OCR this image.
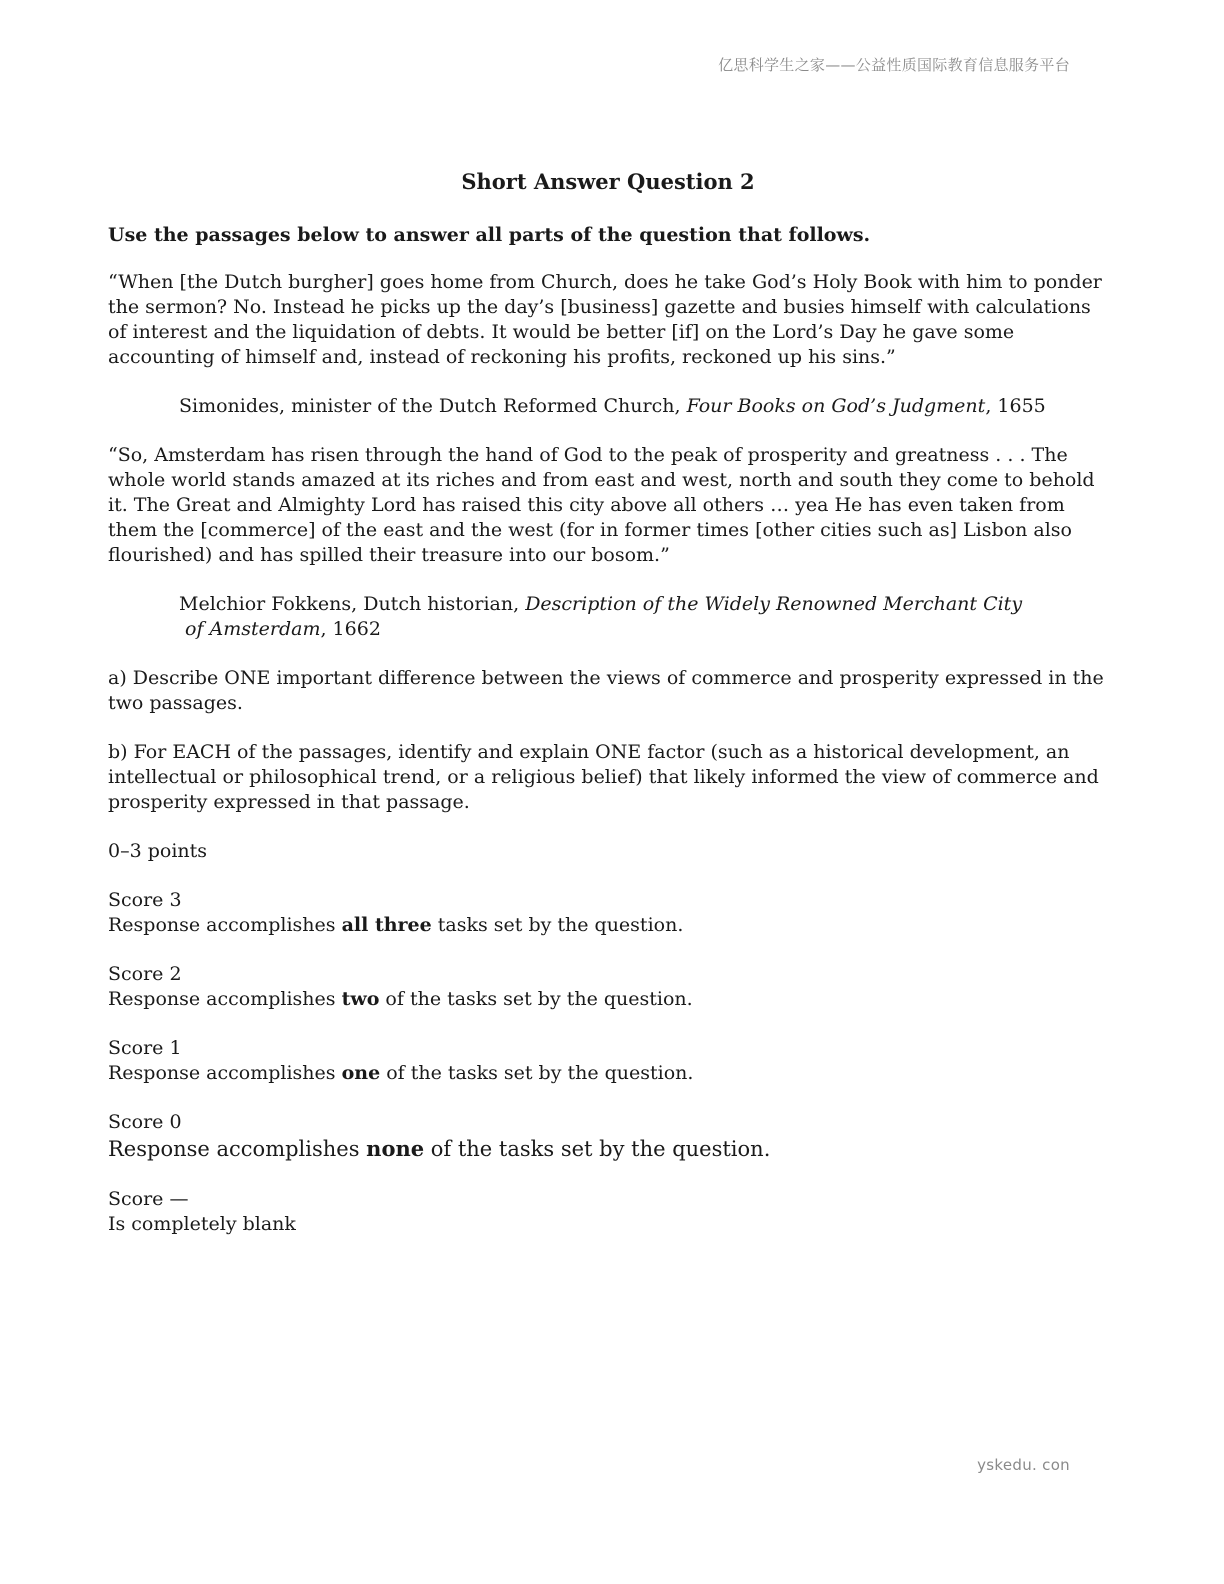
亿思科学生之家——公益性质国际教育信息服务平台
Short Answer Question 2
Use the passages below to answer all parts of the question that follows.

“When [the Dutch burgher] goes home from Church, does he take God’s Holy Book with him to ponder the sermon? No. Instead he picks up the day’s [business] gazette and busies himself with calculations of interest and the liquidation of debts. It would be better [if] on the Lord’s Day he gave some accounting of himself and, instead of reckoning his profits, reckoned up his sins.”

Simonides, minister of the Dutch Reformed Church, Four Books on God’s Judgment, 1655

“So, Amsterdam has risen through the hand of God to the peak of prosperity and greatness . . . The whole world stands amazed at its riches and from east and west, north and south they come to behold it. The Great and Almighty Lord has raised this city above all others … yea He has even taken from them the [commerce] of the east and the west (for in former times [other cities such as] Lisbon also flourished) and has spilled their treasure into our bosom.”

Melchior Fokkens, Dutch historian, Description of the Widely Renowned Merchant City
of Amsterdam, 1662

a) Describe ONE important difference between the views of commerce and prosperity expressed in the two passages.

b) For EACH of the passages, identify and explain ONE factor (such as a historical development, an intellectual or philosophical trend, or a religious belief) that likely informed the view of commerce and prosperity expressed in that passage.

0–3 points

Score 3
Response accomplishes all three tasks set by the question.

Score 2
Response accomplishes two of the tasks set by the question.

Score 1
Response accomplishes one of the tasks set by the question.

Score 0
Response accomplishes none of the tasks set by the question.

Score —
Is completely blank

yskedu. con
